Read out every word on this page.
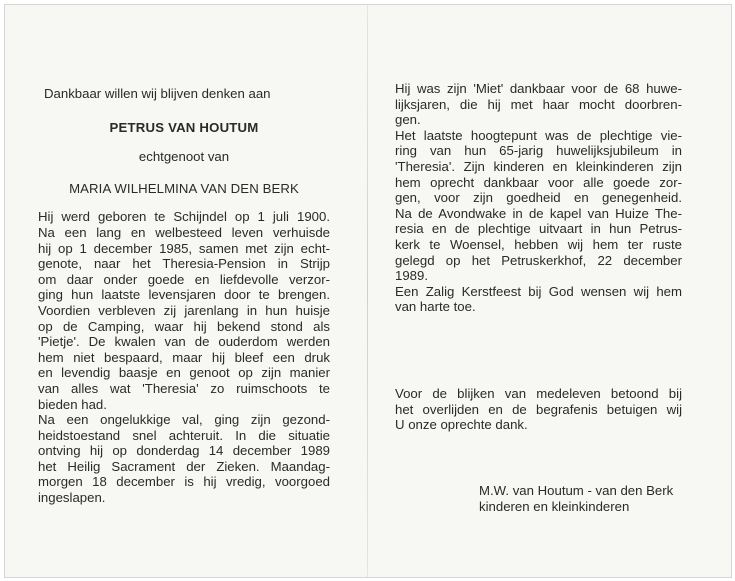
Dankbaar willen wij blijven denken aan
PETRUS VAN HOUTUM
echtgenoot van
MARIA WILHELMINA VAN DEN BERK
Hij werd geboren te Schijndel op 1 juli 1900.
Na een lang en welbesteed leven verhuisde
hij op 1 december 1985, samen met zijn echt-
genote, naar het Theresia-Pension in Strijp
om daar onder goede en liefdevolle verzor-
ging hun laatste levensjaren door te brengen.
Voordien verbleven zij jarenlang in hun huisje
op de Camping, waar hij bekend stond als
'Pietje'. De kwalen van de ouderdom werden
hem niet bespaard, maar hij bleef een druk
en levendig baasje en genoot op zijn manier
van alles wat 'Theresia' zo ruimschoots te
bieden had.
Na een ongelukkige val, ging zijn gezond-
heidstoestand snel achteruit. In die situatie
ontving hij op donderdag 14 december 1989
het Heilig Sacrament der Zieken. Maandag-
morgen 18 december is hij vredig, voorgoed
ingeslapen.
Hij was zijn 'Miet' dankbaar voor de 68 huwe-
lijksjaren, die hij met haar mocht doorbren-
gen.
Het laatste hoogtepunt was de plechtige vie-
ring van hun 65-jarig huwelijksjubileum in
'Theresia'. Zijn kinderen en kleinkinderen zijn
hem oprecht dankbaar voor alle goede zor-
gen, voor zijn goedheid en genegenheid.
Na de Avondwake in de kapel van Huize The-
resia en de plechtige uitvaart in hun Petrus-
kerk te Woensel, hebben wij hem ter ruste
gelegd op het Petruskerkhof, 22 december
1989.
Een Zalig Kerstfeest bij God wensen wij hem
van harte toe.
Voor de blijken van medeleven betoond bij
het overlijden en de begrafenis betuigen wij
U onze oprechte dank.
M.W. van Houtum - van den Berk
kinderen en kleinkinderen
